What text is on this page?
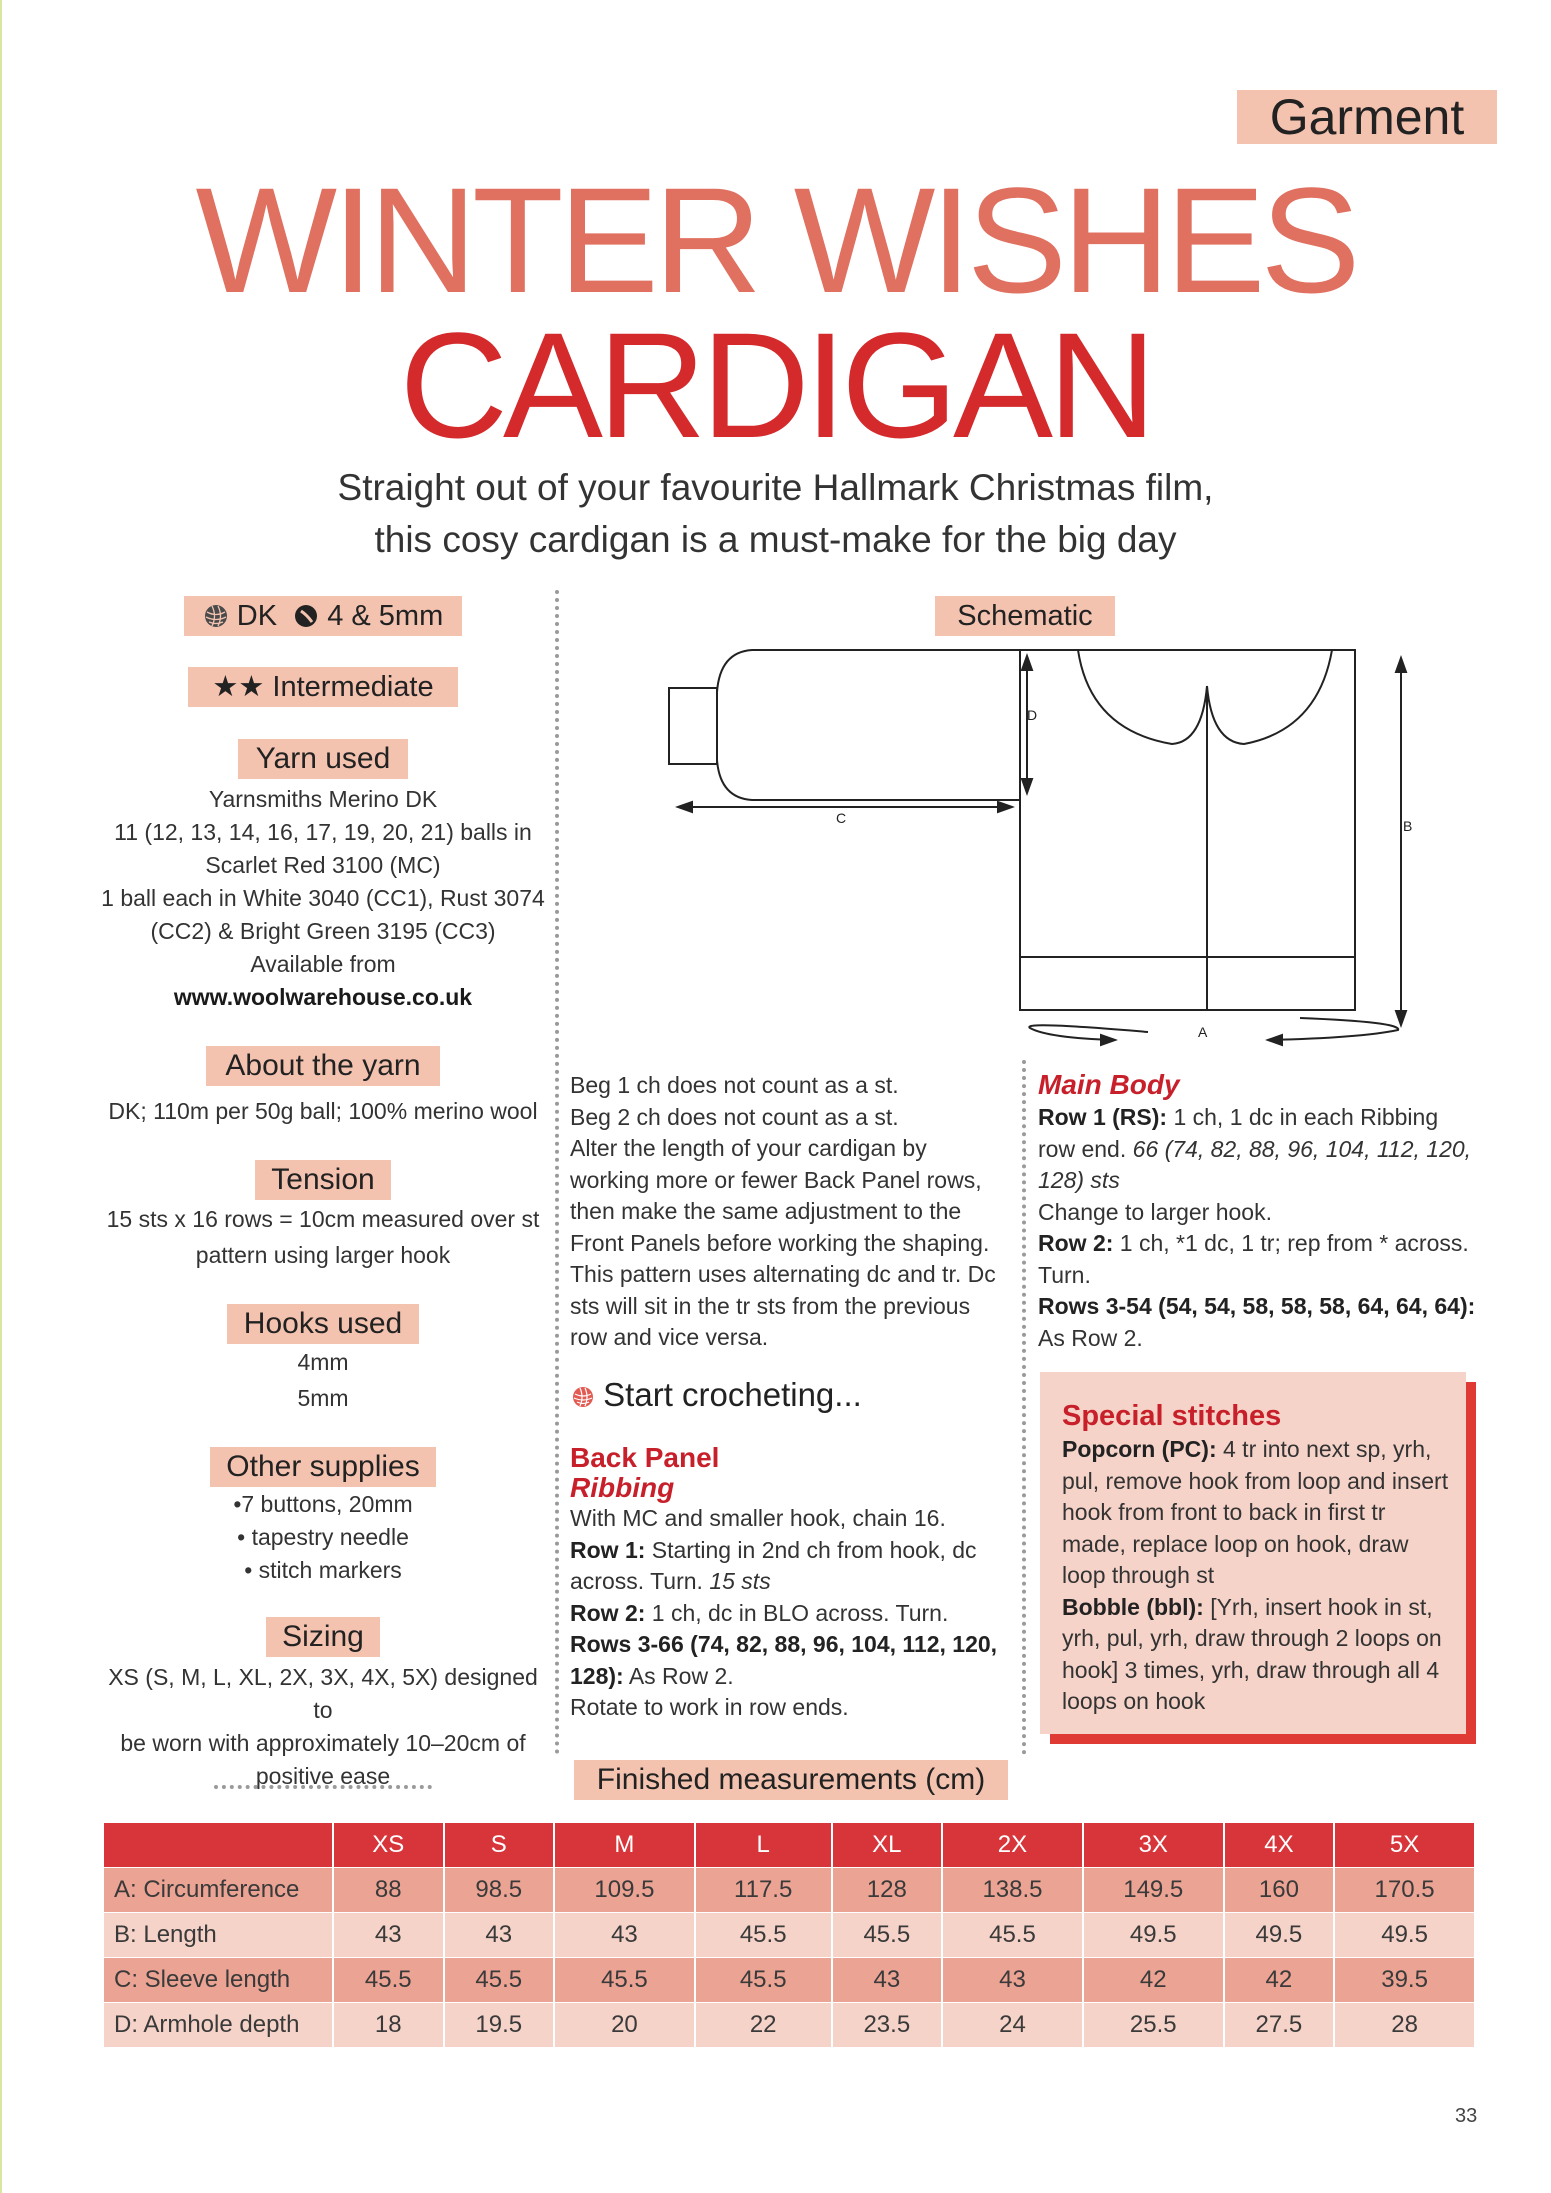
Garment
WINTER WISHES
CARDIGAN
Straight out of your favourite Hallmark Christmas film,
this cosy cardigan is a must-make for the big day
DK 4 & 5mm
★★ Intermediate
Yarn used
Yarnsmiths Merino DK
11 (12, 13, 14, 16, 17, 19, 20, 21) balls in
Scarlet Red 3100 (MC)
1 ball each in White 3040 (CC1), Rust 3074
(CC2) & Bright Green 3195 (CC3)
Available from
www.woolwarehouse.co.uk
About the yarn
DK; 110m per 50g ball; 100% merino wool
Tension
15 sts x 16 rows = 10cm measured over st
pattern using larger hook
Hooks used
4mm
5mm
Other supplies
•7 buttons, 20mm
• tapestry needle
• stitch markers
Sizing
XS (S, M, L, XL, 2X, 3X, 4X, 5X) designed to
be worn with approximately 10–20cm of
positive ease
Schematic
C
D
B
A

Beg 1 ch does not count as a st.

Beg 2 ch does not count as a st.

Alter the length of your cardigan by working more or fewer Back Panel rows, then make the same adjustment to the Front Panels before working the shaping.

This pattern uses alternating dc and tr. Dc sts will sit in the tr sts from the previous row and vice versa.

Start crocheting...

Back Panel

Ribbing

With MC and smaller hook, chain 16.

Row 1: Starting in 2nd ch from hook, dc across. Turn. 15 sts

Row 2: 1 ch, dc in BLO across. Turn.

Rows 3-66 (74, 82, 88, 96, 104, 112, 120, 128): As Row 2.

Rotate to work in row ends.

Main Body

Row 1 (RS): 1 ch, 1 dc in each Ribbing row end. 66 (74, 82, 88, 96, 104, 112, 120, 128) sts

Change to larger hook.

Row 2: 1 ch, *1 dc, 1 tr; rep from * across. Turn.

Rows 3-54 (54, 54, 58, 58, 58, 64, 64, 64): As Row 2.

Special stitches

Popcorn (PC): 4 tr into next sp, yrh, pul, remove hook from loop and insert hook from front to back in first tr made, replace loop on hook, draw loop through st

Bobble (bbl): [Yrh, insert hook in st, yrh, pul, yrh, draw through 2 loops on hook] 3 times, yrh, draw through all 4 loops on hook

Finished measurements (cm)
	XS	S	M	L	XL	2X	3X	4X	5X
A: Circumference	88	98.5	109.5	117.5	128	138.5	149.5	160	170.5
B: Length	43	43	43	45.5	45.5	45.5	49.5	49.5	49.5
C: Sleeve length	45.5	45.5	45.5	45.5	43	43	42	42	39.5
D: Armhole depth	18	19.5	20	22	23.5	24	25.5	27.5	28
33
